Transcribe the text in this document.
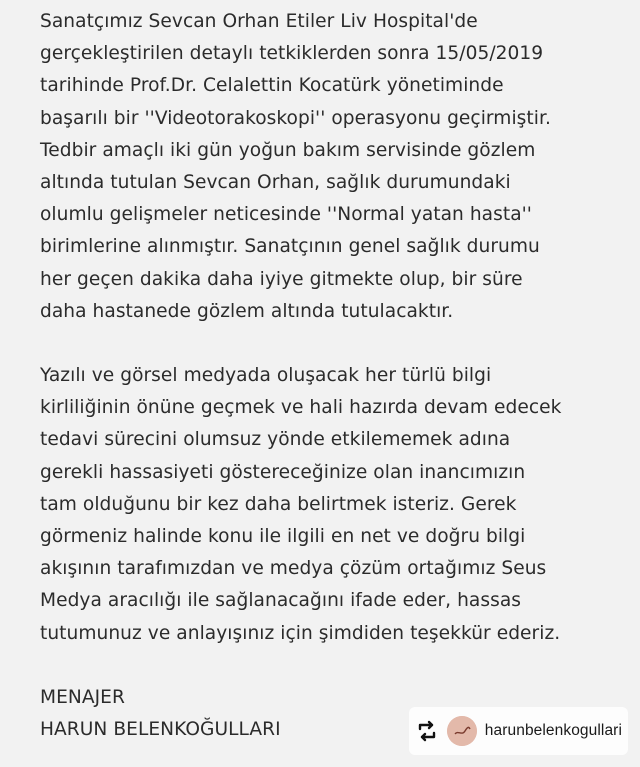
Sanatçımız Sevcan Orhan Etiler Liv Hospital'de
gerçekleştirilen detaylı tetkiklerden sonra 15/05/2019
tarihinde Prof.Dr. Celalettin Kocatürk yönetiminde
başarılı bir ''Videotorakoskopi'' operasyonu geçirmiştir.
Tedbir amaçlı iki gün yoğun bakım servisinde gözlem
altında tutulan Sevcan Orhan, sağlık durumundaki
olumlu gelişmeler neticesinde ''Normal yatan hasta''
birimlerine alınmıştır. Sanatçının genel sağlık durumu
her geçen dakika daha iyiye gitmekte olup, bir süre
daha hastanede gözlem altında tutulacaktır.
Yazılı ve görsel medyada oluşacak her türlü bilgi
kirliliğinin önüne geçmek ve hali hazırda devam edecek
tedavi sürecini olumsuz yönde etkilememek adına
gerekli hassasiyeti göstereceğinize olan inancımızın
tam olduğunu bir kez daha belirtmek isteriz. Gerek
görmeniz halinde konu ile ilgili en net ve doğru bilgi
akışının tarafımızdan ve medya çözüm ortağımız Seus
Medya aracılığı ile sağlanacağını ifade eder, hassas
tutumunuz ve anlayışınız için şimdiden teşekkür ederiz.
MENAJER
HARUN BELENKOĞULLARI	harunbelenkogullari
